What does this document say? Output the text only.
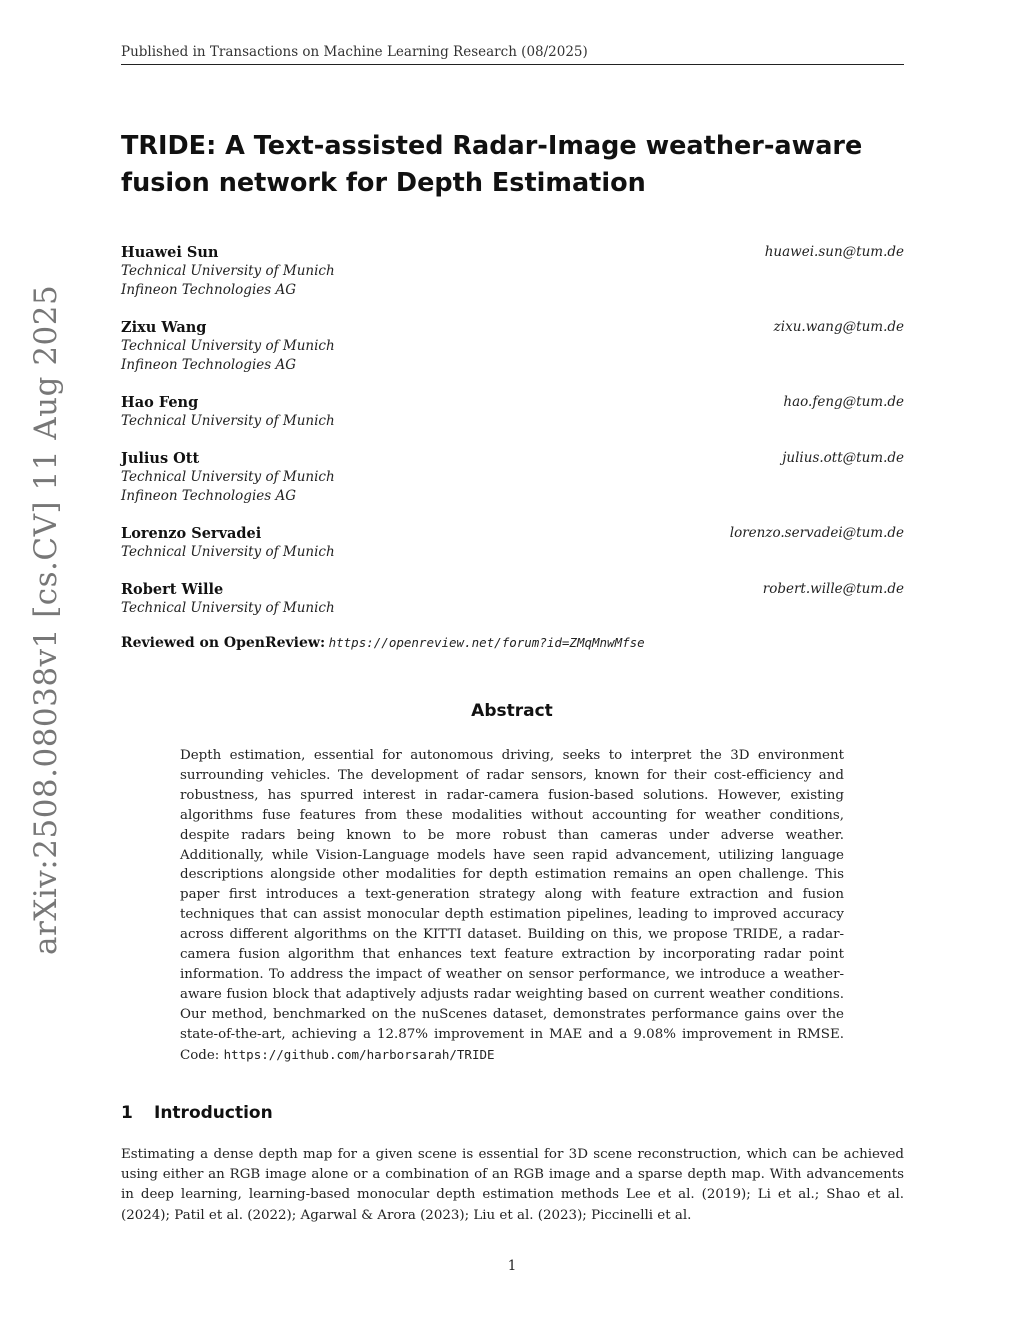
Published in Transactions on Machine Learning Research (08/2025)
arXiv:2508.08038v1 [cs.CV] 11 Aug 2025
TRIDE: A Text-assisted Radar-Image weather-aware fusion network for Depth Estimation
Huawei Sun	huawei.sun@tum.de
Technical University of Munich
Infineon Technologies AG
Zixu Wang	zixu.wang@tum.de
Technical University of Munich
Infineon Technologies AG
Hao Feng	hao.feng@tum.de
Technical University of Munich
Julius Ott	julius.ott@tum.de
Technical University of Munich
Infineon Technologies AG
Lorenzo Servadei	lorenzo.servadei@tum.de
Technical University of Munich
Robert Wille	robert.wille@tum.de
Technical University of Munich
Reviewed on OpenReview: https://openreview.net/forum?id=ZMqMnwMfse
Abstract
Depth estimation, essential for autonomous driving, seeks to interpret the 3D environment surrounding vehicles. The development of radar sensors, known for their cost-efficiency and robustness, has spurred interest in radar-camera fusion-based solutions. However, existing algorithms fuse features from these modalities without accounting for weather conditions, despite radars being known to be more robust than cameras under adverse weather. Additionally, while Vision-Language models have seen rapid advancement, utilizing language descriptions alongside other modalities for depth estimation remains an open challenge. This paper first introduces a text-generation strategy along with feature extraction and fusion techniques that can assist monocular depth estimation pipelines, leading to improved accuracy across different algorithms on the KITTI dataset. Building on this, we propose TRIDE, a radar-camera fusion algorithm that enhances text feature extraction by incorporating radar point information. To address the impact of weather on sensor performance, we introduce a weather-aware fusion block that adaptively adjusts radar weighting based on current weather conditions. Our method, benchmarked on the nuScenes dataset, demonstrates performance gains over the state-of-the-art, achieving a 12.87% improvement in MAE and a 9.08% improvement in RMSE. Code: https://github.com/harborsarah/TRIDE
1 Introduction
Estimating a dense depth map for a given scene is essential for 3D scene reconstruction, which can be achieved using either an RGB image alone or a combination of an RGB image and a sparse depth map. With advancements in deep learning, learning-based monocular depth estimation methods Lee et al. (2019); Li et al.; Shao et al. (2024); Patil et al. (2022); Agarwal & Arora (2023); Liu et al. (2023); Piccinelli et al.
1
